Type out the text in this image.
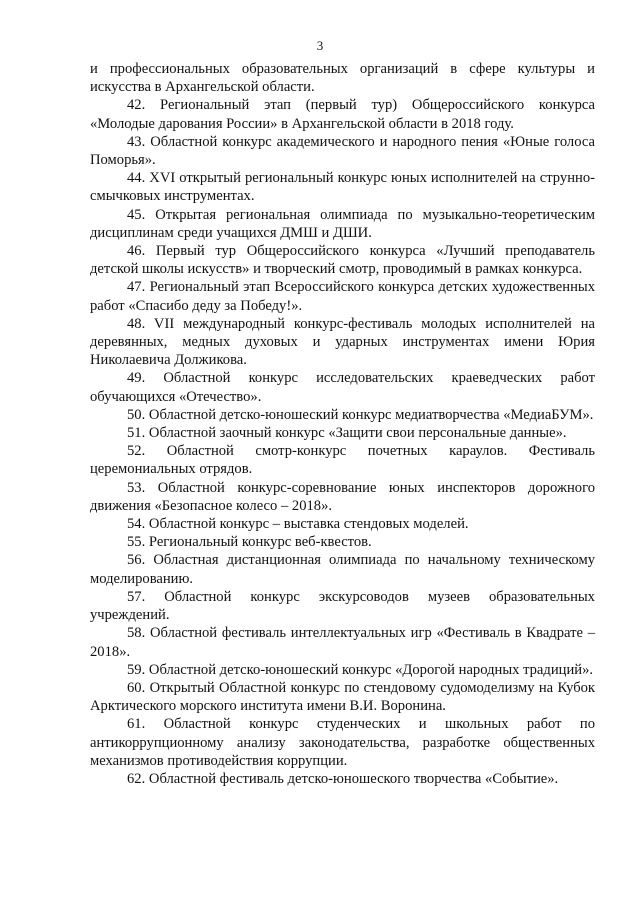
3

и профессиональных образовательных организаций в сфере культуры и искусства в Архангельской области.

42. Региональный этап (первый тур) Общероссийского конкурса «Молодые дарования России» в Архангельской области в 2018 году.

43. Областной конкурс академического и народного пения «Юные голоса Поморья».

44. XVI открытый региональный конкурс юных исполнителей на струнно-смычковых инструментах.

45. Открытая региональная олимпиада по музыкально-теоретическим дисциплинам среди учащихся ДМШ и ДШИ.

46. Первый тур Общероссийского конкурса «Лучший преподаватель детской школы искусств» и творческий смотр, проводимый в рамках конкурса.

47. Региональный этап Всероссийского конкурса детских художественных работ «Спасибо деду за Победу!».

48. VII международный конкурс-фестиваль молодых исполнителей на деревянных, медных духовых и ударных инструментах имени Юрия Николаевича Должикова.

49. Областной конкурс исследовательских краеведческих работ обучающихся «Отечество».

50. Областной детско-юношеский конкурс медиатворчества «МедиаБУМ».

51. Областной заочный конкурс «Защити свои персональные данные».

52. Областной смотр-конкурс почетных караулов. Фестиваль церемониальных отрядов.

53. Областной конкурс-соревнование юных инспекторов дорожного движения «Безопасное колесо – 2018».

54. Областной конкурс – выставка стендовых моделей.

55. Региональный конкурс веб-квестов.

56. Областная дистанционная олимпиада по начальному техническому моделированию.

57. Областной конкурс экскурсоводов музеев образовательных учреждений.

58. Областной фестиваль интеллектуальных игр «Фестиваль в Квадрате – 2018».

59. Областной детско-юношеский конкурс «Дорогой народных традиций».

60. Открытый Областной конкурс по стендовому судомоделизму на Кубок Арктического морского института имени В.И. Воронина.

61. Областной конкурс студенческих и школьных работ по антикоррупционному анализу законодательства, разработке общественных механизмов противодействия коррупции.

62. Областной фестиваль детско-юношеского творчества «Событие».
